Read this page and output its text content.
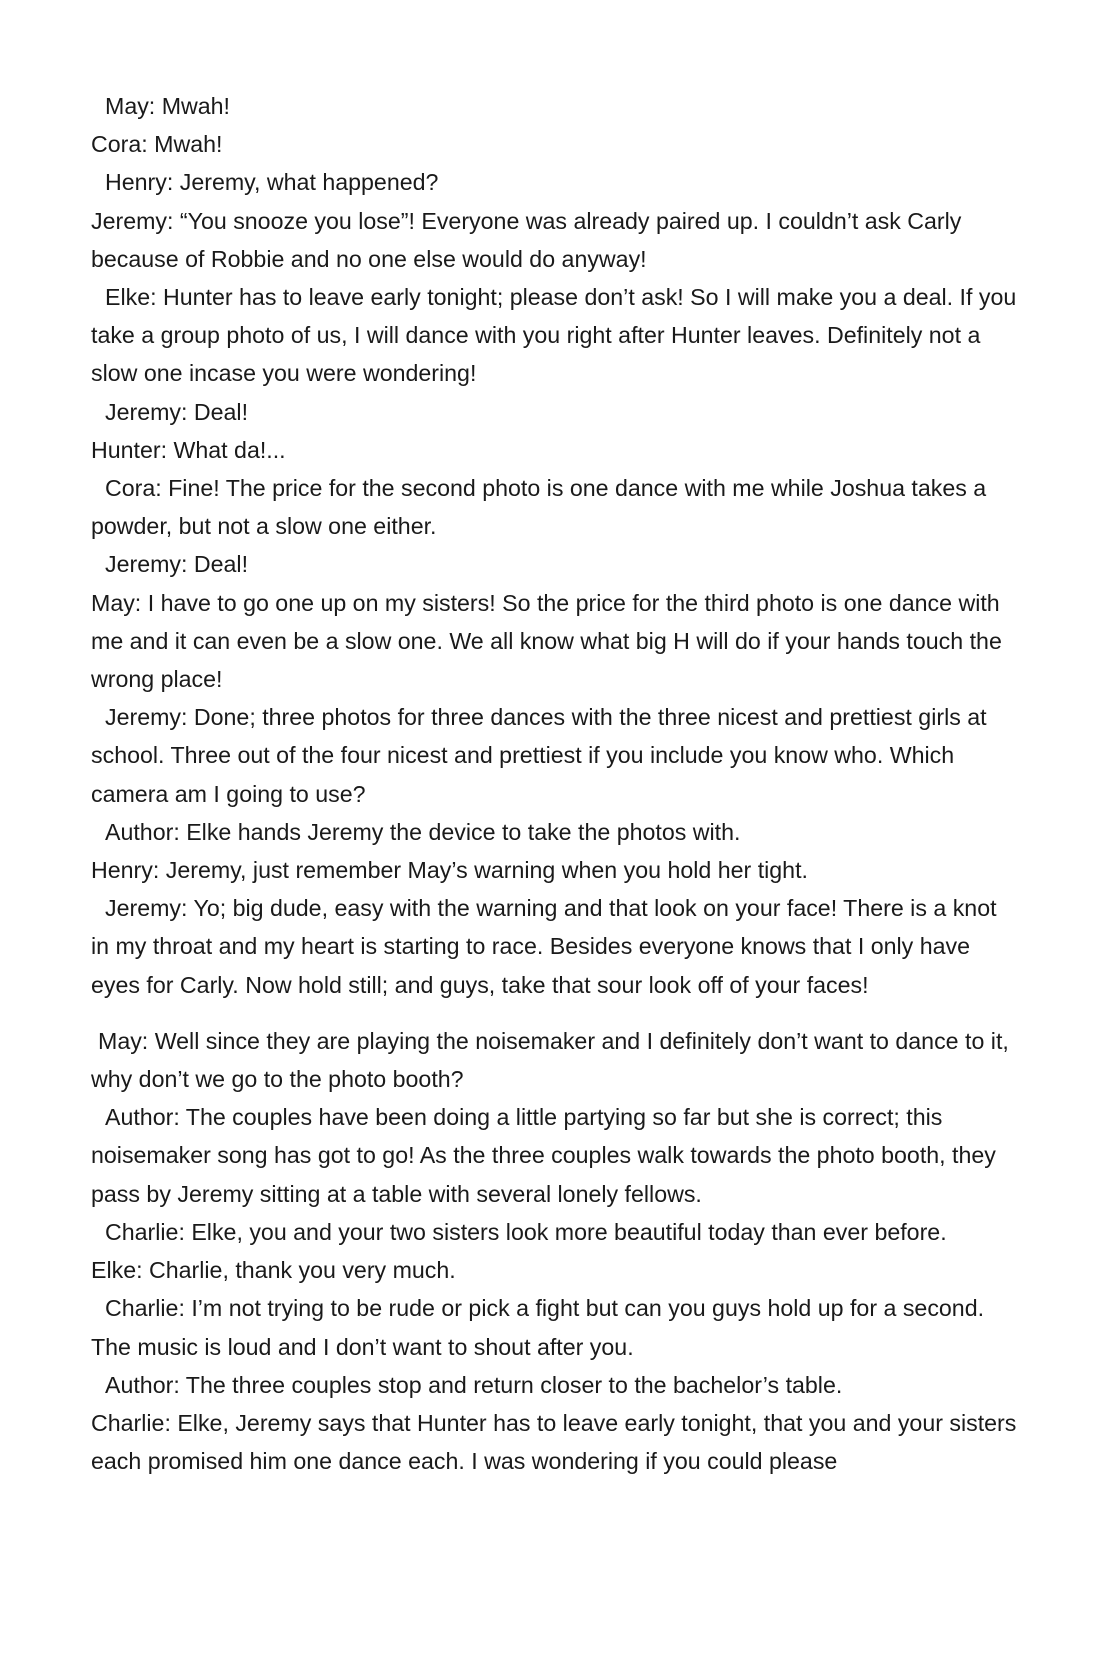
May: Mwah!

Cora: Mwah!

Henry: Jeremy, what happened?

Jeremy: “You snooze you lose”! Everyone was already paired up. I couldn’t ask Carly because of Robbie and no one else would do anyway!

Elke: Hunter has to leave early tonight; please don’t ask! So I will make you a deal. If you take a group photo of us, I will dance with you right after Hunter leaves. Definitely not a slow one incase you were wondering!

Jeremy: Deal!

Hunter: What da!...

Cora: Fine! The price for the second photo is one dance with me while Joshua takes a powder, but not a slow one either.

Jeremy: Deal!

May: I have to go one up on my sisters! So the price for the third photo is one dance with me and it can even be a slow one. We all know what big H will do if your hands touch the wrong place!

Jeremy: Done; three photos for three dances with the three nicest and prettiest girls at school. Three out of the four nicest and prettiest if you include you know who. Which camera am I going to use?

Author: Elke hands Jeremy the device to take the photos with.

Henry: Jeremy, just remember May’s warning when you hold her tight.

Jeremy: Yo; big dude, easy with the warning and that look on your face! There is a knot in my throat and my heart is starting to race. Besides everyone knows that I only have eyes for Carly. Now hold still; and guys, take that sour look off of your faces!

May: Well since they are playing the noisemaker and I definitely don’t want to dance to it, why don’t we go to the photo booth?

Author: The couples have been doing a little partying so far but she is correct; this noisemaker song has got to go! As the three couples walk towards the photo booth, they pass by Jeremy sitting at a table with several lonely fellows.

Charlie: Elke, you and your two sisters look more beautiful today than ever before.

Elke: Charlie, thank you very much.

Charlie: I’m not trying to be rude or pick a fight but can you guys hold up for a second. The music is loud and I don’t want to shout after you.

Author: The three couples stop and return closer to the bachelor’s table.

Charlie: Elke, Jeremy says that Hunter has to leave early tonight, that you and your sisters each promised him one dance each. I was wondering if you could please
